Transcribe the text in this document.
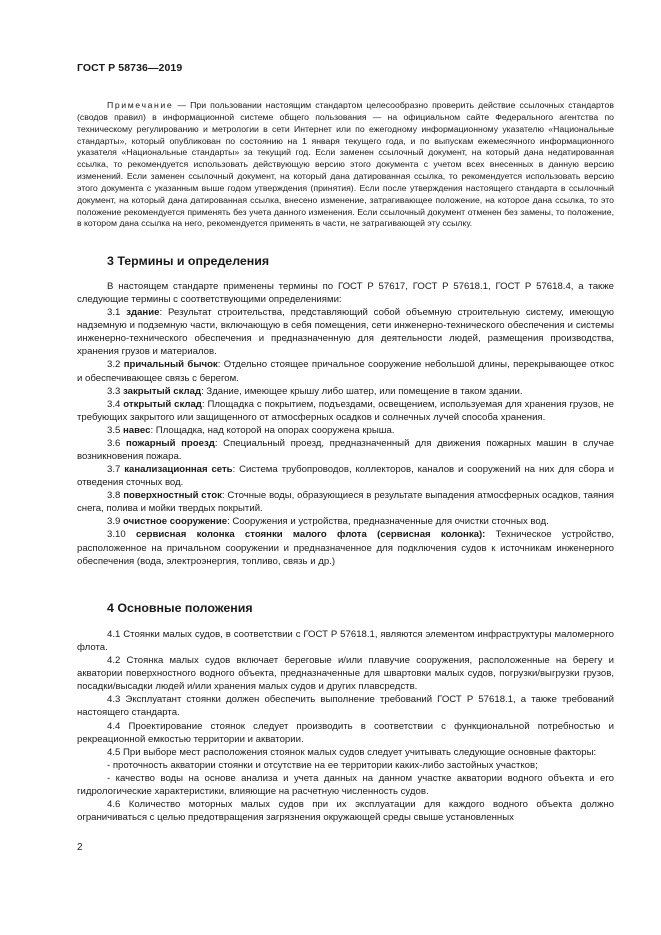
ГОСТ Р 58736—2019

Примечание — При пользовании настоящим стандартом целесообразно проверить действие ссылочных стандартов (сводов правил) в информационной системе общего пользования — на официальном сайте Федерального агентства по техническому регулированию и метрологии в сети Интернет или по ежегодному информационному указателю «Национальные стандарты», который опубликован по состоянию на 1 января текущего года, и по выпускам ежемесячного информационного указателя «Национальные стандарты» за текущий год. Если заменен ссылочный документ, на который дана недатированная ссылка, то рекомендуется использовать действующую версию этого документа с учетом всех внесенных в данную версию изменений. Если заменен ссылочный документ, на который дана датированная ссылка, то рекомендуется использовать версию этого документа с указанным выше годом утверждения (принятия). Если после утверждения настоящего стандарта в ссылочный документ, на который дана датированная ссылка, внесено изменение, затрагивающее положение, на которое дана ссылка, то это положение рекомендуется применять без учета данного изменения. Если ссылочный документ отменен без замены, то положение, в котором дана ссылка на него, рекомендуется применять в части, не затрагивающей эту ссылку.

3 Термины и определения

В настоящем стандарте применены термины по ГОСТ Р 57617, ГОСТ Р 57618.1, ГОСТ Р 57618.4, а также следующие термины с соответствующими определениями:

3.1 здание: Результат строительства, представляющий собой объемную строительную систему, имеющую надземную и подземную части, включающую в себя помещения, сети инженерно-технического обеспечения и системы инженерно-технического обеспечения и предназначенную для деятельности людей, размещения производства, хранения грузов и материалов.

3.2 причальный бычок: Отдельно стоящее причальное сооружение небольшой длины, перекрывающее откос и обеспечивающее связь с берегом.

3.3 закрытый склад: Здание, имеющее крышу либо шатер, или помещение в таком здании.

3.4 открытый склад: Площадка с покрытием, подъездами, освещением, используемая для хранения грузов, не требующих закрытого или защищенного от атмосферных осадков и солнечных лучей способа хранения.

3.5 навес: Площадка, над которой на опорах сооружена крыша.

3.6 пожарный проезд: Специальный проезд, предназначенный для движения пожарных машин в случае возникновения пожара.

3.7 канализационная сеть: Система трубопроводов, коллекторов, каналов и сооружений на них для сбора и отведения сточных вод.

3.8 поверхностный сток: Сточные воды, образующиеся в результате выпадения атмосферных осадков, таяния снега, полива и мойки твердых покрытий.

3.9 очистное сооружение: Сооружения и устройства, предназначенные для очистки сточных вод.

3.10 сервисная колонка стоянки малого флота (сервисная колонка): Техническое устройство, расположенное на причальном сооружении и предназначенное для подключения судов к источникам инженерного обеспечения (вода, электроэнергия, топливо, связь и др.)

4 Основные положения

4.1 Стоянки малых судов, в соответствии с ГОСТ Р 57618.1, являются элементом инфраструктуры маломерного флота.

4.2 Стоянка малых судов включает береговые и/или плавучие сооружения, расположенные на берегу и акватории поверхностного водного объекта, предназначенные для швартовки малых судов, погрузки/выгрузки грузов, посадки/высадки людей и/или хранения малых судов и других плавсредств.

4.3 Эксплуатант стоянки должен обеспечить выполнение требований ГОСТ Р 57618.1, а также требований настоящего стандарта.

4.4 Проектирование стоянок следует производить в соответствии с функциональной потребностью и рекреационной емкостью территории и акватории.

4.5 При выборе мест расположения стоянок малых судов следует учитывать следующие основные факторы:

- проточность акватории стоянки и отсутствие на ее территории каких-либо застойных участков;

- качество воды на основе анализа и учета данных на данном участке акватории водного объекта и его гидрологические характеристики, влияющие на расчетную численность судов.

4.6 Количество моторных малых судов при их эксплуатации для каждого водного объекта должно ограничиваться с целью предотвращения загрязнения окружающей среды свыше установленных

2
